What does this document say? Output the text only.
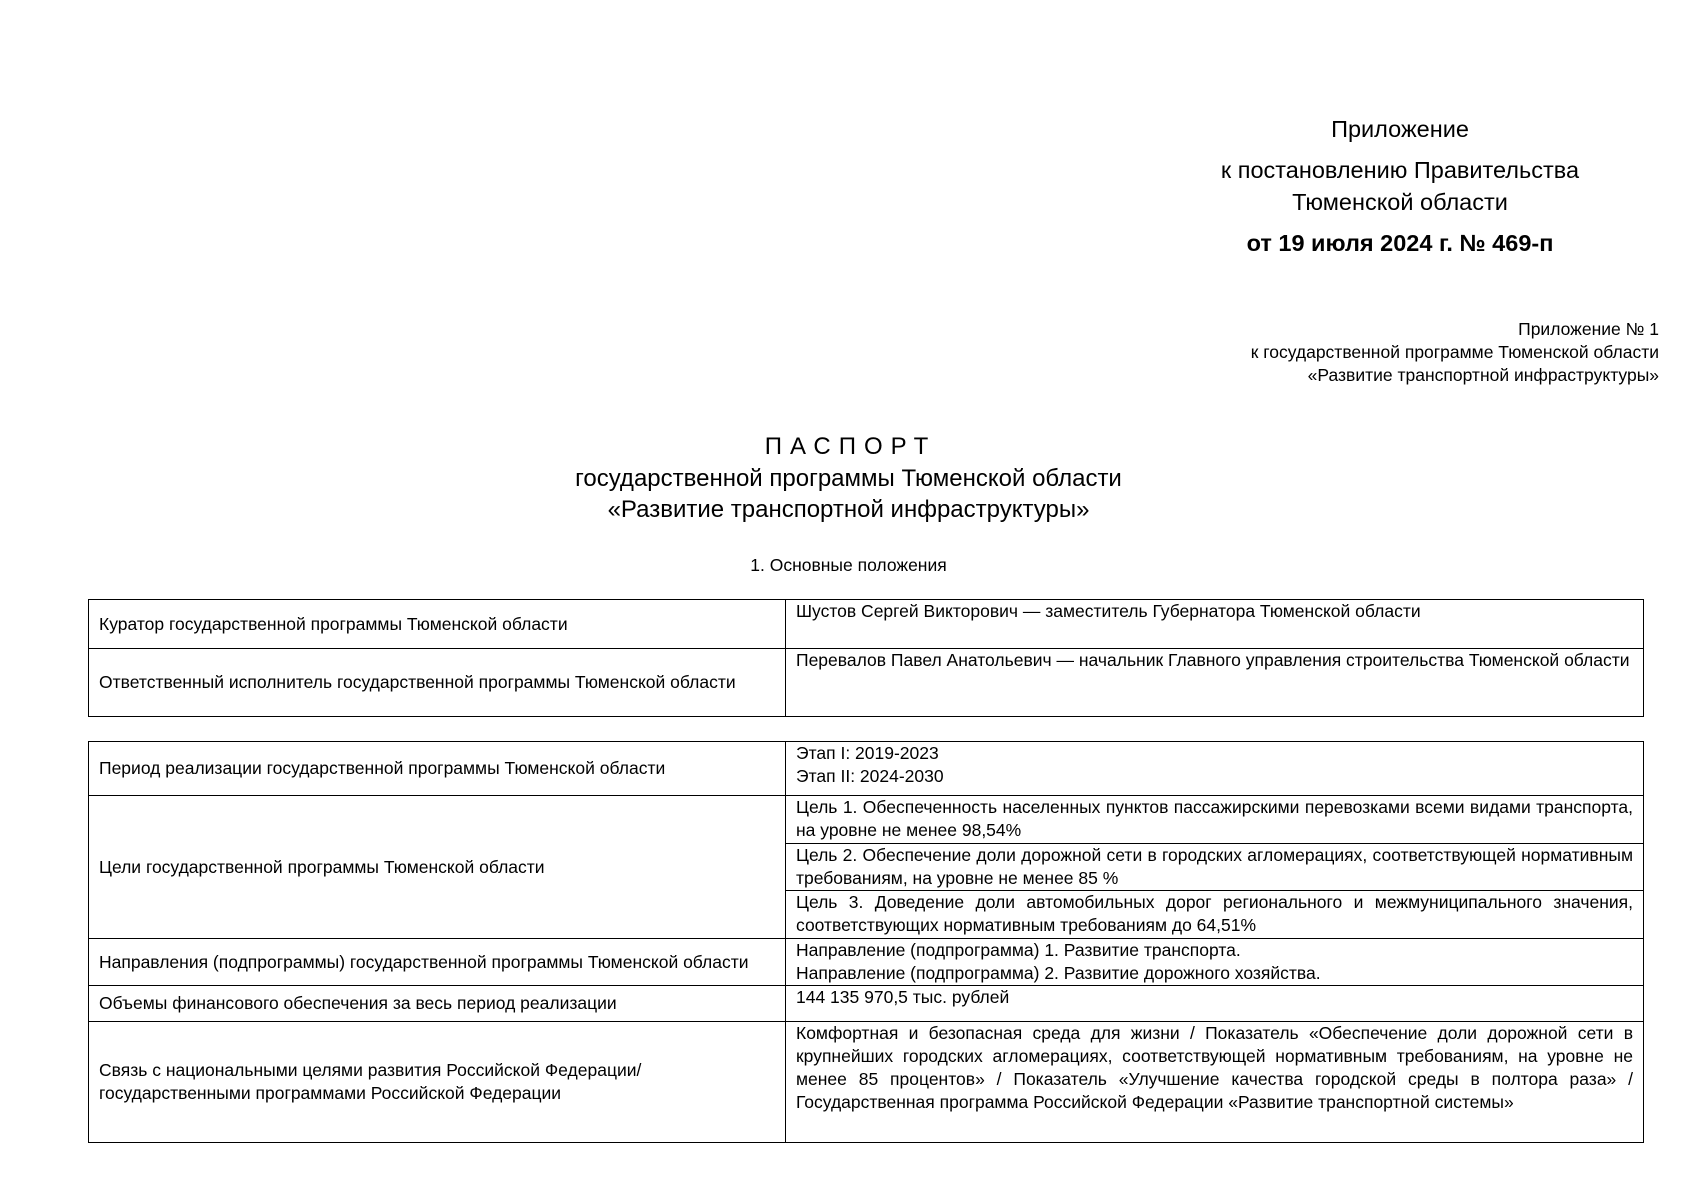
Приложение
к постановлению Правительства
Тюменской области
от 19 июля 2024 г. № 469-п
Приложение № 1
к государственной программе Тюменской области
«Развитие транспортной инфраструктуры»
ПАСПОРТ
государственной программы Тюменской области
«Развитие транспортной инфраструктуры»
1. Основные положения
Куратор государственной программы Тюменской области	Шустов Сергей Викторович — заместитель Губернатора Тюменской области
Ответственный исполнитель государственной программы Тюменской области	Перевалов Павел Анатольевич — начальник Главного управления строительства Тюменской области
Период реализации государственной программы Тюменской области	Этап I: 2019-2023
Этап II: 2024-2030

Цели государственной программы Тюменской области	Цель 1. Обеспеченность населенных пунктов пассажирскими перевозками всеми видами транспорта, на уровне не менее 98,54%
	Цель 2. Обеспечение доли дорожной сети в городских агломерациях, соответствующей нормативным требованиям, на уровне не менее 85 %
	Цель 3. Доведение доли автомобильных дорог регионального и межмуниципального значения, соответствующих нормативным требованиям до 64,51%
Направления (подпрограммы) государственной программы Тюменской области	Направление (подпрограмма) 1. Развитие транспорта.
Направление (подпрограмма) 2. Развитие дорожного хозяйства.

Объемы финансового обеспечения за весь период реализации	144 135 970,5 тыс. рублей
Связь с национальными целями развития Российской Федерации/ государственными программами Российской Федерации	Комфортная и безопасная среда для жизни / Показатель «Обеспечение доли дорожной сети в крупнейших городских агломерациях, соответствующей нормативным требованиям, на уровне не менее 85 процентов» / Показатель «Улучшение качества городской среды в полтора раза» / Государственная программа Российской Федерации «Развитие транспортной системы»
